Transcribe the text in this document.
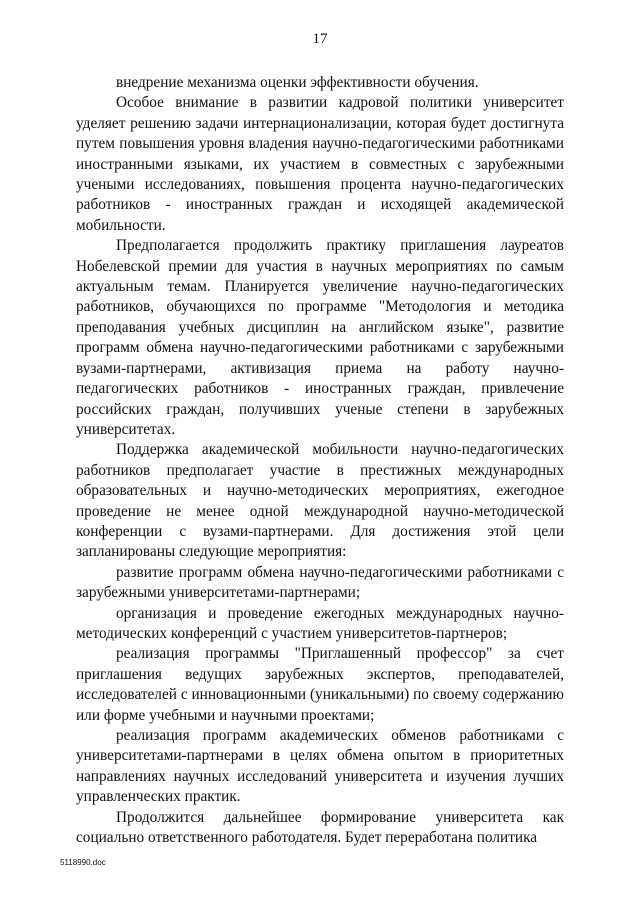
17

внедрение механизма оценки эффективности обучения.

Особое внимание в развитии кадровой политики университет уделяет решению задачи интернационализации, которая будет достигнута путем повышения уровня владения научно-педагогическими работниками иностранными языками, их участием в совместных с зарубежными учеными исследованиях, повышения процента научно-педагогических работников - иностранных граждан и исходящей академической мобильности.

Предполагается продолжить практику приглашения лауреатов Нобелевской премии для участия в научных мероприятиях по самым актуальным темам. Планируется увеличение научно-педагогических работников, обучающихся по программе "Методология и методика преподавания учебных дисциплин на английском языке", развитие программ обмена научно-педагогическими работниками с зарубежными вузами-партнерами, активизация приема на работу научно-педагогических работников - иностранных граждан, привлечение российских граждан, получивших ученые степени в зарубежных университетах.

Поддержка академической мобильности научно-педагогических работников предполагает участие в престижных международных образовательных и научно-методических мероприятиях, ежегодное проведение не менее одной международной научно-методической конференции с вузами-партнерами. Для достижения этой цели запланированы следующие мероприятия:

развитие программ обмена научно-педагогическими работниками с зарубежными университетами-партнерами;

организация и проведение ежегодных международных научно-методических конференций с участием университетов-партнеров;

реализация программы "Приглашенный профессор" за счет приглашения ведущих зарубежных экспертов, преподавателей, исследователей с инновационными (уникальными) по своему содержанию или форме учебными и научными проектами;

реализация программ академических обменов работниками с университетами-партнерами в целях обмена опытом в приоритетных направлениях научных исследований университета и изучения лучших управленческих практик.

Продолжится дальнейшее формирование университета как социально ответственного работодателя. Будет переработана политика

5118990.doc
